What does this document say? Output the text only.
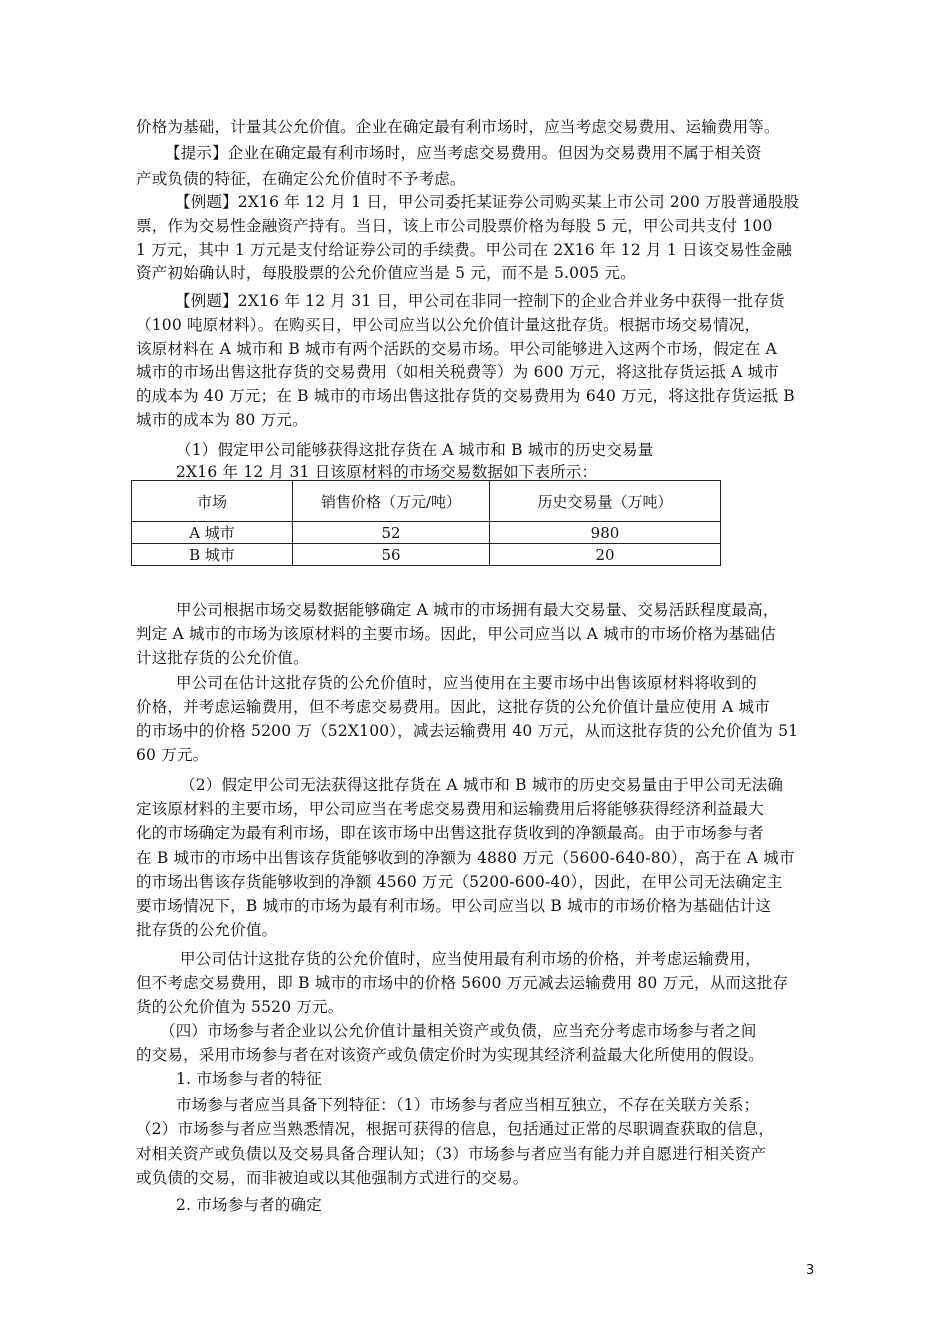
价格为基础，计量其公允价值。企业在确定最有利市场时，应当考虑交易费用、运输费用等。
【提示】企业在确定最有利市场时，应当考虑交易费用。但因为交易费用不属于相关资
产或负债的特征，在确定公允价值时不予考虑。
【例题】2X16 年 12 月 1 日，甲公司委托某证券公司购买某上市公司 200 万股普通股股
票，作为交易性金融资产持有。当日，该上市公司股票价格为每股 5 元，甲公司共支付 100
1 万元，其中 1 万元是支付给证券公司的手续费。甲公司在 2X16 年 12 月 1 日该交易性金融
资产初始确认时，每股股票的公允价值应当是 5 元，而不是 5.005 元。
【例题】2X16 年 12 月 31 日，甲公司在非同一控制下的企业合并业务中获得一批存货
（100 吨原材料）。在购买日，甲公司应当以公允价值计量这批存货。根据市场交易情况，
该原材料在 A 城市和 B 城市有两个活跃的交易市场。甲公司能够进入这两个市场，假定在 A
城市的市场出售这批存货的交易费用（如相关税费等）为 600 万元，将这批存货运抵 A 城市
的成本为 40 万元；在 B 城市的市场出售这批存货的交易费用为 640 万元，将这批存货运抵 B
城市的成本为 80 万元。
（1）假定甲公司能够获得这批存货在 A 城市和 B 城市的历史交易量
2X16 年 12 月 31 日该原材料的市场交易数据如下表所示：
市场	销售价格（万元/吨）	历史交易量（万吨）
A 城市	52	980
B 城市	56	20
甲公司根据市场交易数据能够确定 A 城市的市场拥有最大交易量、交易活跃程度最高，
判定 A 城市的市场为该原材料的主要市场。因此，甲公司应当以 A 城市的市场价格为基础估
计这批存货的公允价值。
甲公司在估计这批存货的公允价值时，应当使用在主要市场中出售该原材料将收到的
价格，并考虑运输费用，但不考虑交易费用。因此，这批存货的公允价值计量应使用 A 城市
的市场中的价格 5200 万（52X100），减去运输费用 40 万元，从而这批存货的公允价值为 51
60 万元。
（2）假定甲公司无法获得这批存货在 A 城市和 B 城市的历史交易量由于甲公司无法确
定该原材料的主要市场，甲公司应当在考虑交易费用和运输费用后将能够获得经济利益最大
化的市场确定为最有利市场，即在该市场中出售这批存货收到的净额最高。由于市场参与者
在 B 城市的市场中出售该存货能够收到的净额为 4880 万元（5600-640-80），高于在 A 城市
的市场出售该存货能够收到的净额 4560 万元（5200-600-40），因此，在甲公司无法确定主
要市场情况下，B 城市的市场为最有利市场。甲公司应当以 B 城市的市场价格为基础估计这
批存货的公允价值。
甲公司估计这批存货的公允价值时，应当使用最有利市场的价格，并考虑运输费用，
但不考虑交易费用，即 B 城市的市场中的价格 5600 万元减去运输费用 80 万元，从而这批存
货的公允价值为 5520 万元。
（四）市场参与者企业以公允价值计量相关资产或负债，应当充分考虑市场参与者之间
的交易，采用市场参与者在对该资产或负债定价时为实现其经济利益最大化所使用的假设。
1. 市场参与者的特征
市场参与者应当具备下列特征：（1）市场参与者应当相互独立，不存在关联方关系；
（2）市场参与者应当熟悉情况，根据可获得的信息，包括通过正常的尽职调查获取的信息，
对相关资产或负债以及交易具备合理认知；（3）市场参与者应当有能力并自愿进行相关资产
或负债的交易，而非被迫或以其他强制方式进行的交易。
2. 市场参与者的确定
3
